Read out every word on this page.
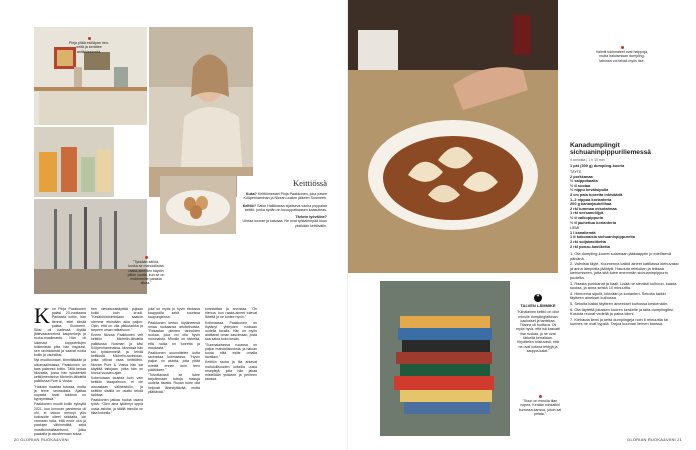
Pinja pitää esilläpan hen-
neitä ja kerättee antiikkiesineitä.
"Tykkään säilöä,
koska se mahdollistaa
raaka-aineiden käytön
pitkin vuotta, kun se on
molemmille parasta
aikaa."
Keittiössä
Kuka? Keittiömestari Pinja Paakkonen, joka pasee Kööpenhaminan ja Nizzan-uusien jälkeen Suomeen.
Keittiö? Salon Hallkkassa sijaitseva vanha puppalan keittiö, jonka sydän on kuuuppatkaasen kaasutleas.
Tärkein työväline?
Uhrtaa kuorae ja kaivaaa. Ne ovat työkalempää kuun yksikään keittövälin.
K un Pinja Paakkonen palasi 20-vuotiaana Pariisista kotiin, hän tiennsi, ettei kiinää palata Suomeen. Siksi oli kadessä löytää jättevaaranreimä kaupunkeja ja ruoka-maailmasta. Hän oli lukenaut koppuentujen tulkinnasta jotta hän inspirasi, sen ravintoloistä ja saavat ruutia kotiin ja vauhdiksi.

Nyt muuttuunaan, kiinnittäkään ja ulkomaailmassa, Paakkonen on taas palannut kotiin. Tällä kertaa Nizzasta, jossa hän työskenteli keittiömestarina Michelin-tähdellä palkitussa Pure & Vossa.

"Halusin maistaa tutussa, mutta ja terve seurauksia. Ajaltaa ouyasta tuvat tuloksia on kypsymässä."

Paakkonen muutti kotiin syksyllä 2021, kun koronan pandemia oli ohi, ei taloon mennyt ylös kotiosoite olleet raikkaita, ole varmaan totta, että enne olut ja paalujen vähimmältä, sekä mustikoinhaltaantunut, jotka paakalla ja asusteenaan sotaa.

hen olevaisuustäyttää pujiaan kokki kuin kruuli. "Kesäkööritoimintaan saatoin olemme etsimään aika paljon. Opin, että on olla pikkutarkka ja tarpeen oman ratkaisuun."

Ennen Nizzaa Paakkonen veti keittiön Michelin-tähdellä palkitussa Nosman ja kävi Kööpenhaminassa. Nizzassa hän sai työskennellä ja tehdä keittiöstä Michelin-ravintolan, jotka ottivat osaa keittiöihin. Nizzan Pure & Vossa hän sai käyttää taitojaan, jotka hän on hionut vuosien ajan.

Kokenutaan taustaa kuin vain keittiön tasapainoon, ei ole ainoastaan välineistöön, ja keittiön sisällä on osattu tehdä tarkkaa.

Paakkonen jatkaa ruokia osana työtä: "Olen aina tykännyt oppia uusia asioita, ja täällä minulla on tilaa kokeilla."

joka on myös jo hyvin tiedossa kauppoilla sekä suurissa kaupungeissa.

Paakkonen kertoo löytäneensä omaa ruokaansa arkitarinoista. "Rakastan pienten tarinoiden ruokaa, joka voi olla hyvin moninaista. Minulle on tärkeää, että ruoka on tuoretta ja maukasta."

Paakkonen suunnittelee uutta ravintolaa kotimaassa. "Hyvin paljon on asioita, joita pitää miettiä ennen kuin teen päätöksen."

"Toivottavasti se tulee tarjoilemaan tuttuja makuja uudella tavalla. Ruoan tulee olla helposti lähestyttävää, mutta yllättävää."

kunnioittaa ja arvostaa. "On hienoa, kun raaka-aineet tulevat läheltä ja ne tuntee hyvin."

Kotimaassa Paakkonen on löytänyt yhteyden ruokaan uudella tavalla. Hän on myös aloittanut oman kasvimaan, josta saa satoa koko kesän.

"Suomalaisessa ruoassa on paljon mahdollisuuksia, ja haluan tuoda niitä esille omalla tavallani."

Keittiön rauha ja tila antavat mahdollisuuden kokeilla uusia reseptejä, joita hän jakaa mielellään ystävien ja perheen kanssa.

20 GLORIAN RUOKA&VIINI
Valmiit tukinnaleet ovat helppoja, mutta haluisessan dumpling-taikinan voi tehdä myös itse.
❞
TALVEN LÄMMIKE
"Kiinalainen keittiö on ollut minulle dumplingtaikinan kaukaiset ja tarttekaa. Tilanne oli tuottava. Oli myös hyvä, että isä kasvatti itse ruokaa, ja ne ovat tärkeitä kerrallaan. Kirjoittelen toistuvasti, että ne ovat kotona tehtyjä ja kauppa-kalat."
"Suuri on minulla tilan nopea. Kerään minkaikki kurrossa kanssa, jutuin sai pelata."
Kanadumplingit sichuaninpippuriliemessä
4 annosta | 1 h 10 min
1 pkt (300 g) dumpling-kuoria
TÄYTE
2 porkkanaa
½ salppokaalia
½ tl suolaa
½ nippu kevätsipulia
3 cm pala tuoretta inkivääriä
1–2 nippua korianteria
200 g kananjauhelihaa
2 rkl tummaa misotahnaa
1 rkl seesamiöljyä
½ tl valkopippuria
½ tl jauhettua korianteria
LIEMI
1 l kanaliemtä
1 tl kokonaisia sichuaninpippureita
2 rkl soijakastiketta
2 rkl ponzu-kastiketta
1. Ota dumpling-kuoret sulamaan jääkaappiin jo edellisenä päivänä.
2. Valmista täyte. Kuumenna kaikki aineet kattilassa kiehuvaksi ja anna lämpötila jäähtyä. Hauduta mieluiten ja leikkaa kiehumiseen, jotta sitä tulee enemmän sichuaninpippurin puolelta.
3. Raasta porkkanat ja kaali. Lisää ne sievästi kulhoon, kaada suolaa, ja anna seistä 10 minuuttia.
4. Hienonna sipulit, inkivääri ja korianteri. Sekoita kaikki täytteen ainekset kulhossa.
5. Sekoita kaikki täytteen aineekset kulhossa keskenään.
6. Ota täytettä jokaisen kuoren keskelle ja taita dumplingiksi. Kostuta reunat vedellä ja paina kiinni.
7. Kiehauta liemi ja keitä dumplingeja noin 6 minuuttia tai kunnes ne ovat kypsiä. Tarjoa kuuman liemen kanssa.
GLORIAN RUOKA&VIINI 21
